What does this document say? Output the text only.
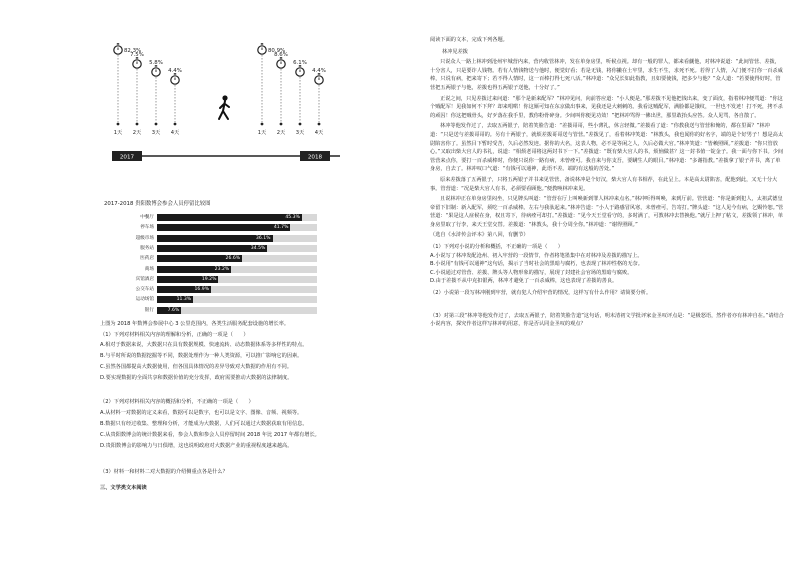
82.3%
1天
7.5%
2天
5.8%
3天
4.4%
4天
80.9%
1天
8.6%
2天
6.1%
3天
4.4%
4天
2017	2018
2017-2018 贵阳数博会参会人员停留比较图
中餐厅	45.3%
停车场	41.7%
超级市场	36.1%
服务站	34.5%
医药店	26.6%
商场	23.2%
宾馆酒店	19.2%
公交车站	16.9%
运动场馆	11.3%
银行	7.6%
上图为 2018 年数博会参展中心 3 公里范围内，各类生活服务配套设施的增长率。
（1）下列对材料相关内容的理解和分析，正确的一项是（　　）
A.相对于数据来说，大数据只在具有数据规模、快速流转、动态数据体系等多样性的特点。
B.与平时所说的数据挖掘等不同，数据处理作为一种人类资源，可以推广影响它的因素。
C.虽然各国都提高大数据使用，但各国具体情况的差异导致对大数据的作用有不同。
D.要实现数据的全面共享和数据价值的充分发挥，政府需要推动大数据的法律制度。
（2）下列对材料相关内容的概括和分析，不正确的一项是（　　）
A.从材料一对数据的定义来看，数据可以是数字，也可以是文字、图像、音频、视频等。
B.数据只有经过收集、整理和分析，才能成为大数据，人们可以通过大数据获取有用信息。
C.从贵阳数博会的统计数据来看，参会人数和参会人员停留时间 2018 年比 2017 年都有增长。
D.贵阳数博会的影响力与日俱增，这也说明政府对大数据产业的重视程度越来越高。
（3）材料一和材料二对大数据的介绍侧重点各是什么？
三、文学类文本阅读

阅读下面的文本，完成下列各题。

林冲见差拨

只说众人一路上林冲到沧州牢城营内来，营内收管林冲，发在单身房里，听候点视。却有一般的罪人，都来看觑他，对林冲说道：“此间管营、差拨，十分害人，只是要诈人钱物。若有人情钱物送与他时，便觉好看；若是无钱，将你撇在土牢里，求生不生，求死不死。若得了人情，入门便不打你一百杀威棒，只说有病，把来寄下；若不得人情时，这一百棒打得七死八活。”林冲道：“众兄长如此指教，且如要使钱，把多少与他？”众人道：“若要使得好时，管营把五两银子与他，差拨也得五两银子送他，十分好了。”

正说之间，只见差拨过来问道：“那个是新来配军？”林冲见问，向前答应道：“小人便是。”那差拨不见他把钱出来，变了面皮，指着林冲便骂道：“你这个贼配军！见我如何不下拜？却来唱喏！你这厮可知在东京做出事来，见我还是大刺刺的。我看这贼配军，满脸都是饿纹，一世也不发迹！打不死，拷不杀的顽囚！你这把贼骨头，好歹落在我手里，教你粉骨碎身。少间叫你便见功效！”把林冲骂得一佛出世，那里敢抬头应答。众人见骂，各自散了。

林冲等他发作过了，去取五两银子，陪着笑脸告道：“差拨哥哥，些小薄礼，休言轻微。”差拨看了道：“你教我送与管营和俺的，都在里面？”林冲道：“只是送与差拨哥哥的。另有十两银子，就烦差拨哥哥送与管营。”差拨见了，看着林冲笑道：“林教头，我也闻你的好名字，端的是个好男子！想是高太尉陷害你了。虽然目下暂时受苦，久后必然发迹。据你的大名，这表人物，必不是等闲之人，久后必做大官。”林冲笑道：“皆赖照顾。”差拨道：“你只管放心。”又取出柴大官人的书礼，说道：“相烦老哥将这两封书下一下。”差拨道：“既有柴大官人的书，烦恼做甚？这一封书值一锭金子。我一面与你下书。少间管营来点你，要打一百杀威棒时，你便只说你一路有病，未曾痊可。我自来与你支吾，要瞒生人的眼目。”林冲道：“多谢指教。”差拨拿了银子并书，离了单身房，自去了。林冲叹口气道：“有钱可以通神，此语不差。端的有这般的苦处。”

原来差拨落了五两银子，只将五两银子并书来见管营，备说林冲是个好汉，柴大官人有书相荐，在此呈上。本是高太尉陷害，配他到此，又无十分大事。管营道：“况是柴大官人有书，必须要看顾他。”便教唤林冲来见。

且说林冲正在单身房里闷坐，只见牌头叫道：“管营在厅上叫唤新到罪人林冲来点名。”林冲听得叫唤，来到厅前。管营道：“你是新到犯人，太祖武德皇帝留下旧制：新入配军，须吃一百杀威棒。左右与我驮起来。”林冲告道：“小人于路感冒风寒，未曾痊可，告寄打。”牌头道：“这人见今有病，乞赐怜恕。”管营道：“果是这人症候在身，权且寄下，待病痊可却打。”差拨道：“见今天王堂看守的，多时满了，可教林冲去替换他。”就厅上押了帖文，差拨领了林冲，单身房里取了行李，来天王堂交替。差拨道：“林教头，我十分周全你。”林冲道：“谢得照顾。”

（选自《水浒传会评本》第八回，有删节）

（1）下列对小说的分析和概括，不正确的一项是（　　）

A.小说写了林冲发配沧州、初入牢营的一段情节，作者将笔墨集中在对林冲及差拨的描写上。

B.小说用“有钱可以通神”这句话，揭示了当时社会的黑暗与腐朽，也表现了林冲性格的无奈。

C.小说通过对管营、差拨、牌头等人物形象的描写，展现了封建社会官场的黑暗与腐败。

D.由于差拨不从中克扣银两，林冲才避免了一百杀威棒，这也表现了差拨的善良。

（2）小说第一段写林冲刚到牢营，就有犯人介绍牢营的情况，这样写有什么作用？请简要分析。

（3）对第三段“林冲等他发作过了，去取五两银子，陪着笑脸告道”这句话，明末清初文学批评家金圣叹评点是：“是极怒语，然作者亦有林冲自在。”请结合小说内容，探究作者这样写林冲的用意，你是否认同金圣叹的观点？
